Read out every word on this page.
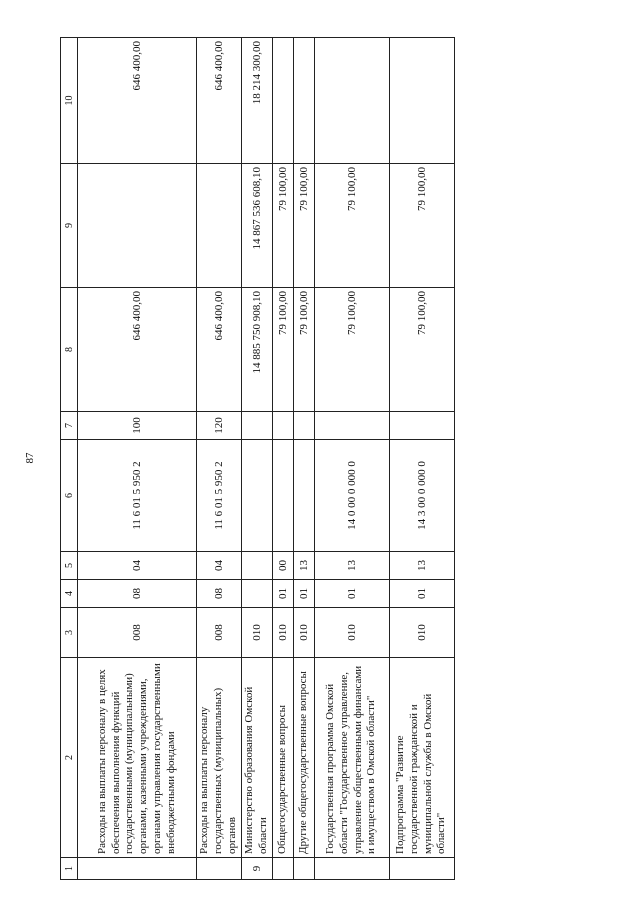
87
1	2	3	4	5	6	7	8	9	10
	Расходы на выплаты персоналу в целях обеспечения выполнения функций государственными (муниципальными) органами, казенными учреждениями, органами управления государственными внебюджетными фондами	008	08	04	11 6 01 5 950 2	100	646 400,00		646 400,00
	Расходы на выплаты персоналу государственных (муниципальных) органов	008	08	04	11 6 01 5 950 2	120	646 400,00		646 400,00
9	Министерство образования Омской области	010					14 885 750 908,10	14 867 536 608,10	18 214 300,00
	Общегосударственные вопросы	010	01	00			79 100,00	79 100,00	
	Другие общегосударственные вопросы	010	01	13			79 100,00	79 100,00	
	Государственная программа Омской области "Государственное управление, управление общественными финансами и имуществом в Омской области"	010	01	13	14 0 00 0 000 0		79 100,00	79 100,00	
	Подпрограмма "Развитие государственной гражданской и муниципальной службы в Омской области"	010	01	13	14 3 00 0 000 0		79 100,00	79 100,00	
